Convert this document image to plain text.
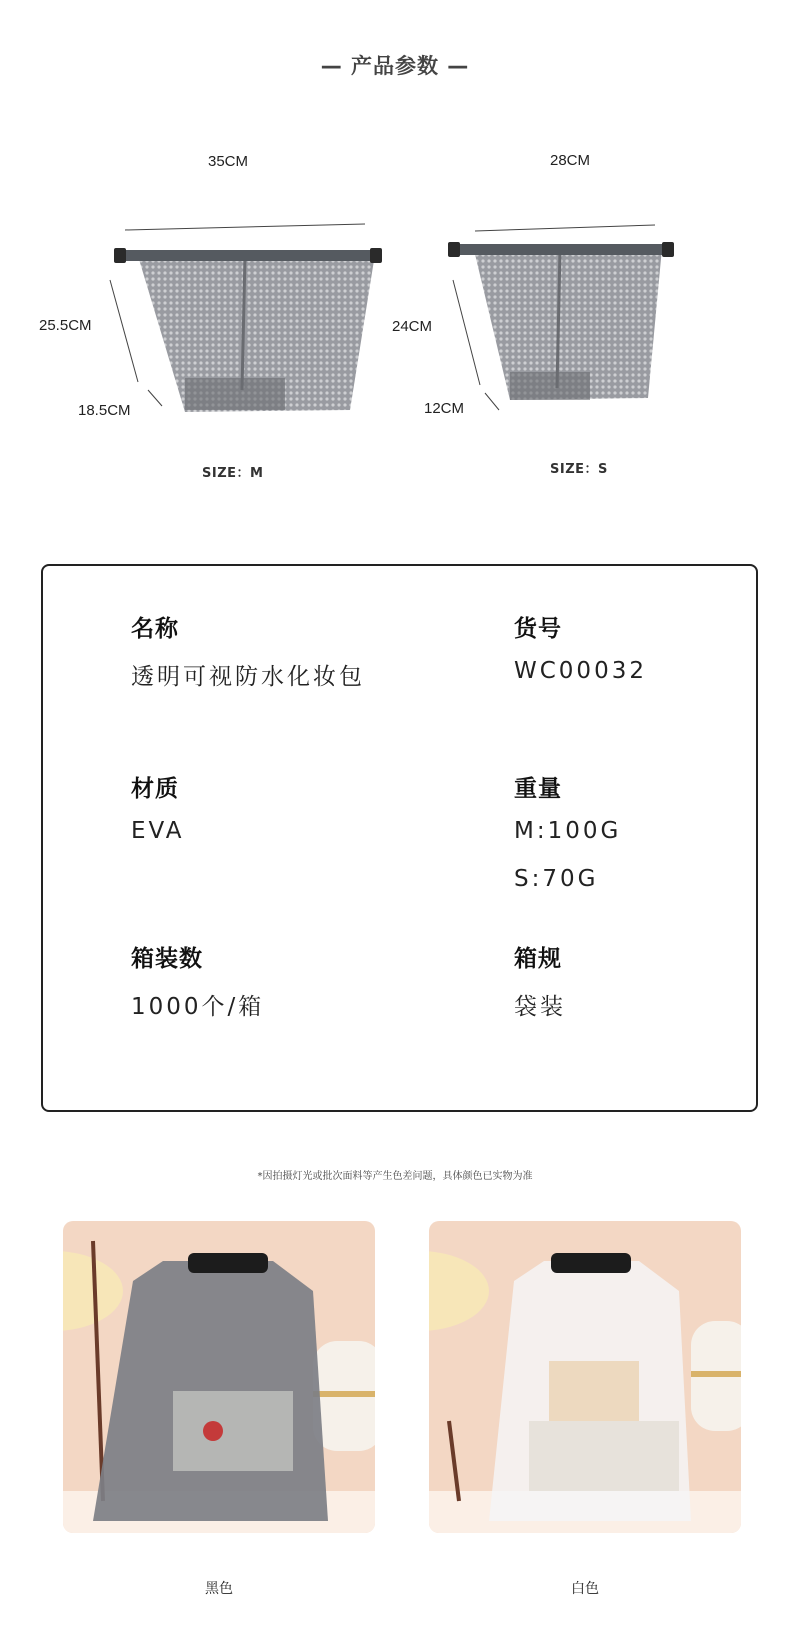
— 产品参数 —
35CM
25.5CM
18.5CM
SIZE：M
28CM
24CM
12CM
SIZE：S
名称
透明可视防水化妆包
货号
WC00032
材质
EVA
重量
M:100G
S:70G
箱装数
1000个/箱
箱规
袋装
*因拍摄灯光或批次面料等产生色差问题，具体颜色已实物为准
黑色	白色
